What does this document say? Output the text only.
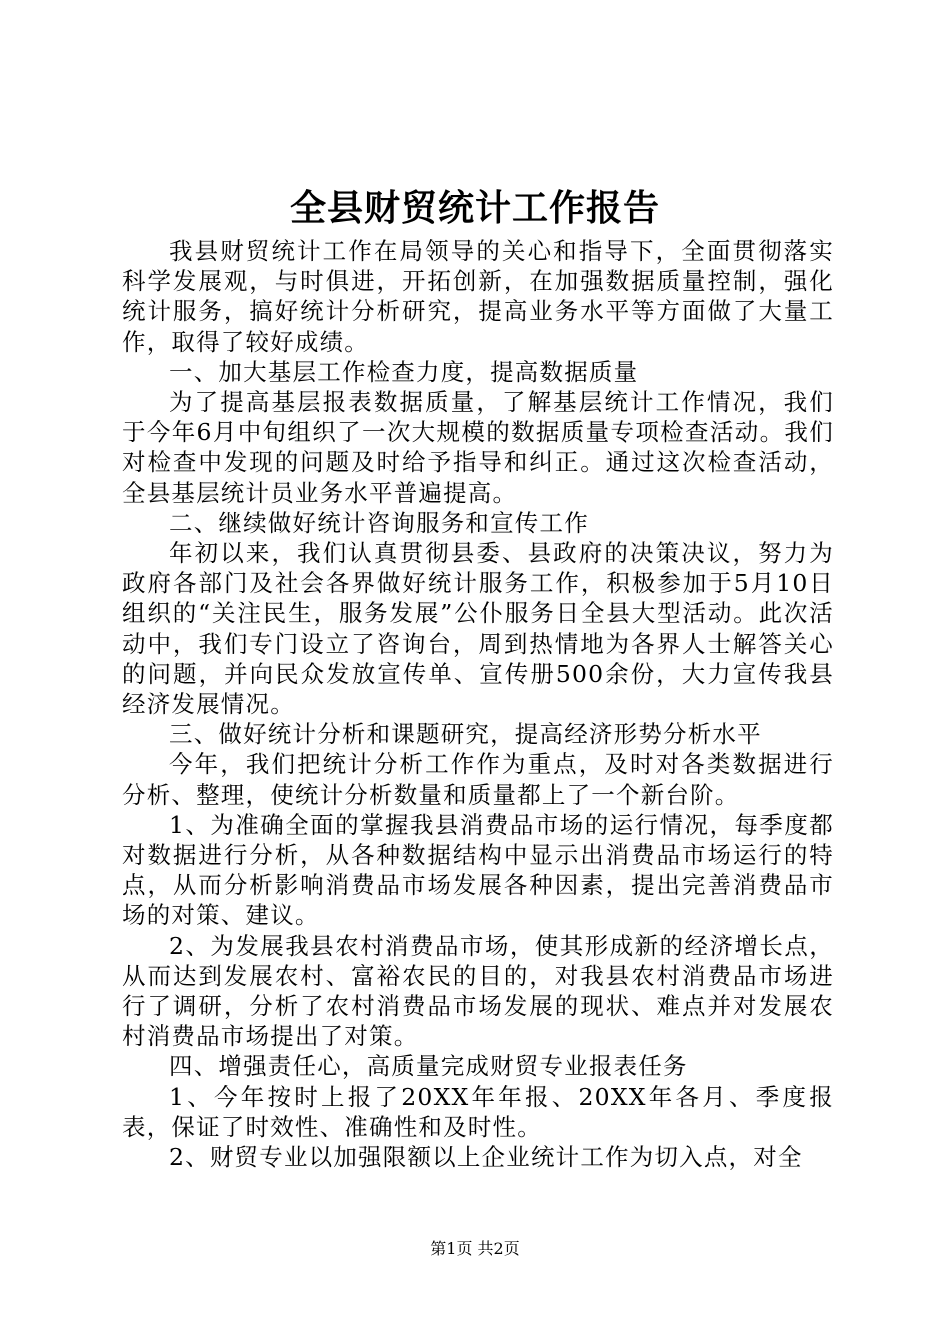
全县财贸统计工作报告

我县财贸统计工作在局领导的关心和指导下，全面贯彻落实科学发展观，与时俱进，开拓创新，在加强数据质量控制，强化统计服务，搞好统计分析研究，提高业务水平等方面做了大量工作，取得了较好成绩。

一、加大基层工作检查力度，提高数据质量

为了提高基层报表数据质量，了解基层统计工作情况，我们于今年6月中旬组织了一次大规模的数据质量专项检查活动。我们对检查中发现的问题及时给予指导和纠正。通过这次检查活动，全县基层统计员业务水平普遍提高。

二、继续做好统计咨询服务和宣传工作

年初以来，我们认真贯彻县委、县政府的决策决议，努力为政府各部门及社会各界做好统计服务工作，积极参加于5月10日组织的“关注民生，服务发展”公仆服务日全县大型活动。此次活动中，我们专门设立了咨询台，周到热情地为各界人士解答关心的问题，并向民众发放宣传单、宣传册500余份，大力宣传我县经济发展情况。

三、做好统计分析和课题研究，提高经济形势分析水平

今年，我们把统计分析工作作为重点，及时对各类数据进行分析、整理，使统计分析数量和质量都上了一个新台阶。

1、为准确全面的掌握我县消费品市场的运行情况，每季度都对数据进行分析，从各种数据结构中显示出消费品市场运行的特点，从而分析影响消费品市场发展各种因素，提出完善消费品市场的对策、建议。

2、为发展我县农村消费品市场，使其形成新的经济增长点，从而达到发展农村、富裕农民的目的，对我县农村消费品市场进行了调研，分析了农村消费品市场发展的现状、难点并对发展农村消费品市场提出了对策。

四、增强责任心，高质量完成财贸专业报表任务

1、今年按时上报了20XX年年报、20XX年各月、季度报表，保证了时效性、准确性和及时性。

2、财贸专业以加强限额以上企业统计工作为切入点，对全

第1页 共2页
